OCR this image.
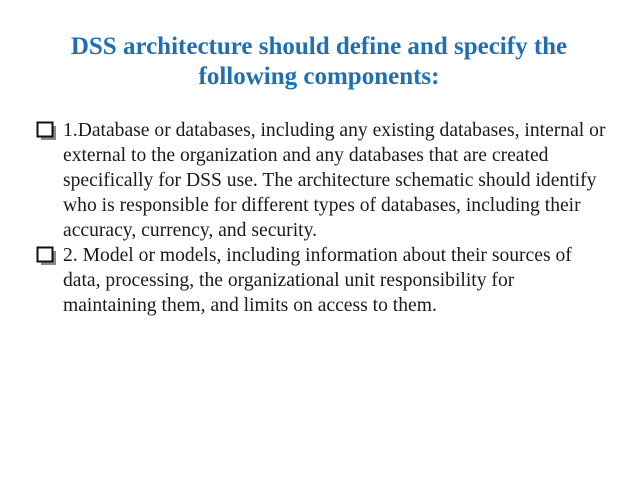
DSS architecture should define and specify the following components:
1.Database or databases, including any existing databases, internal or external to the organization and any databases that are created specifically for DSS use. The architecture schematic should identify who is responsible for different types of databases, including their accuracy, currency, and security.
2. Model or models, including information about their sources of data, processing, the organizational unit responsibility for maintaining them, and limits on access to them.
